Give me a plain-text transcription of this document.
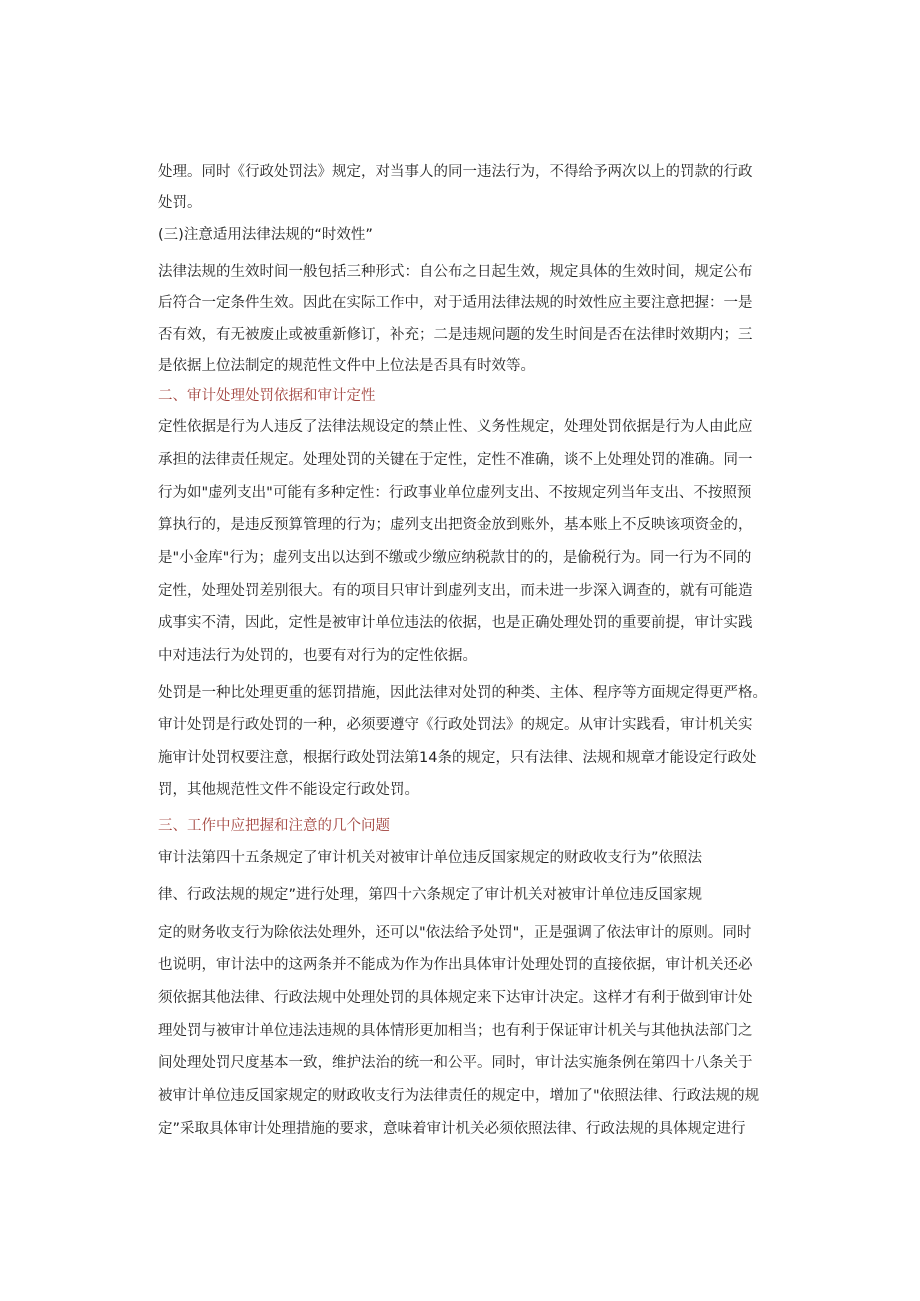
处理。同时《行政处罚法》规定，对当事人的同一违法行为，不得给予两次以上的罚款的行政
处罚。
(三)注意适用法律法规的“时效性”
法律法规的生效时间一般包括三种形式：自公布之日起生效，规定具体的生效时间，规定公布
后符合一定条件生效。因此在实际工作中，对于适用法律法规的时效性应主要注意把握：一是
否有效，有无被废止或被重新修订，补充；二是违规问题的发生时间是否在法律时效期内；三
是依据上位法制定的规范性文件中上位法是否具有时效等。
二、审计处理处罚依据和审计定性
定性依据是行为人违反了法律法规设定的禁止性、义务性规定，处理处罚依据是行为人由此应
承担的法律责任规定。处理处罚的关键在于定性，定性不准确，谈不上处理处罚的准确。同一
行为如"虚列支出"可能有多种定性：行政事业单位虚列支出、不按规定列当年支出、不按照预
算执行的，是违反预算管理的行为；虚列支出把资金放到账外，基本账上不反映该项资金的，
是"小金库"行为；虚列支出以达到不缴或少缴应纳税款甘的的，是偷税行为。同一行为不同的
定性，处理处罚差别很大。有的项目只审计到虚列支出，而未进一步深入调查的，就有可能造
成事实不清，因此，定性是被审计单位违法的依据，也是正确处理处罚的重要前提，审计实践
中对违法行为处罚的，也要有对行为的定性依据。
处罚是一种比处理更重的惩罚措施，因此法律对处罚的种类、主体、程序等方面规定得更严格。
审计处罚是行政处罚的一种，必须要遵守《行政处罚法》的规定。从审计实践看，审计机关实
施审计处罚权要注意，根据行政处罚法第14条的规定，只有法律、法规和规章才能设定行政处
罚，其他规范性文件不能设定行政处罚。
三、工作中应把握和注意的几个问题
审计法第四十五条规定了审计机关对被审计单位违反国家规定的财政收支行为”依照法
律、行政法规的规定”进行处理，第四十六条规定了审计机关对被审计单位违反国家规
定的财务收支行为除依法处理外，还可以"依法给予处罚"，正是强调了依法审计的原则。同时
也说明，审计法中的这两条并不能成为作为作出具体审计处理处罚的直接依据，审计机关还必
须依据其他法律、行政法规中处理处罚的具体规定来下达审计决定。这样才有利于做到审计处
理处罚与被审计单位违法违规的具体情形更加相当；也有利于保证审计机关与其他执法部门之
间处理处罚尺度基本一致，维护法治的统一和公平。同时，审计法实施条例在第四十八条关于
被审计单位违反国家规定的财政收支行为法律责任的规定中，增加了"依照法律、行政法规的规
定”采取具体审计处理措施的要求，意味着审计机关必须依照法律、行政法规的具体规定进行
